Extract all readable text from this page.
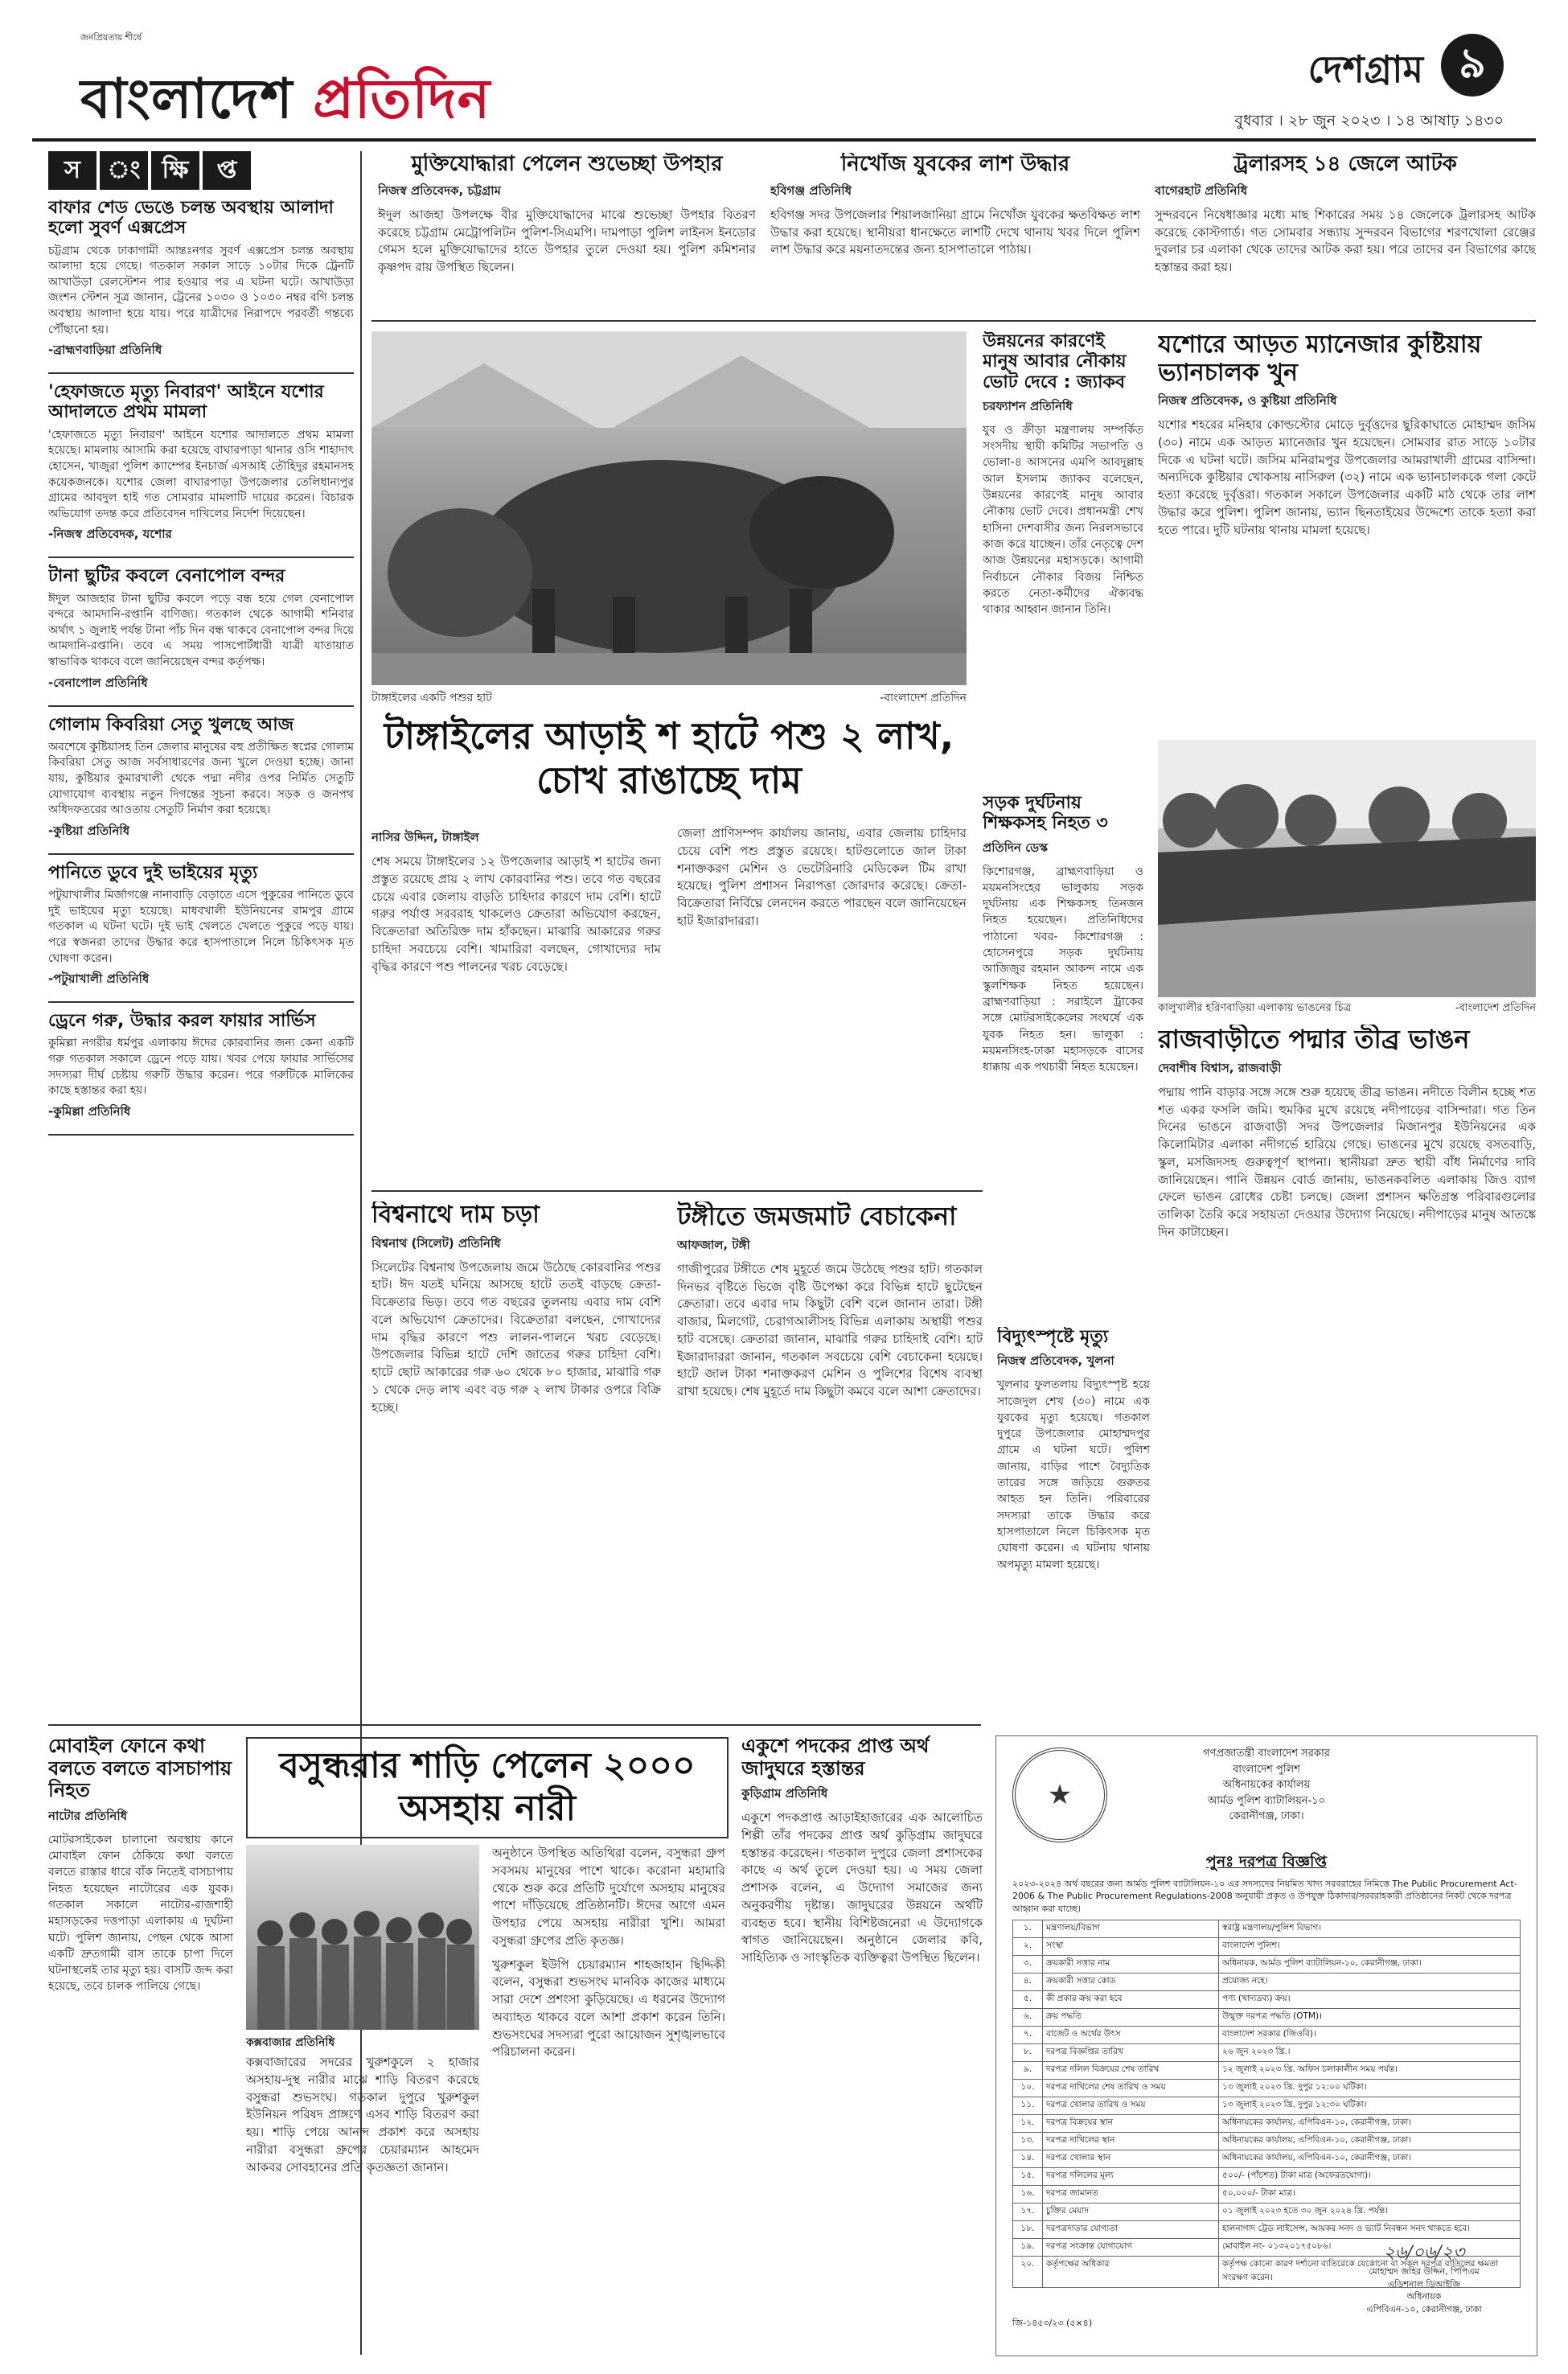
জনপ্রিয়তায় শীর্ষে
বাংলাদেশ প্রতিদিন	দেশগ্রাম ৯
বুধবার । ২৮ জুন ২০২৩ । ১৪ আষাঢ় ১৪৩০
স	ং ক্ষি	প্ত
বাফার শেড ভেঙে চলন্ত অবস্থায় আলাদা হলো সুবর্ণ এক্সপ্রেস
চট্টগ্রাম থেকে ঢাকাগামী আন্তঃনগর সুবর্ণ এক্সপ্রেস চলন্ত অবস্থায় আলাদা হয়ে গেছে। গতকাল সকাল সাড়ে ১০টার দিকে ট্রেনটি আখাউড়া রেলস্টেশন পার হওয়ার পর এ ঘটনা ঘটে। আখাউড়া জংশন স্টেশন সূত্র জানান, ট্রেনের ১০৩০ ও ১০৩০ নম্বর বগি চলন্ত অবস্থায় আলাদা হয়ে যায়। পরে যাত্রীদের নিরাপদে পরবর্তী গন্তব্যে পৌঁছানো হয়।
-ব্রাহ্মণবাড়িয়া প্রতিনিধি
'হেফাজতে মৃত্যু নিবারণ' আইনে যশোর আদালতে প্রথম মামলা
'হেফাজতে মৃত্যু নিবারণ' আইনে যশোর আদালতে প্রথম মামলা হয়েছে। মামলায় আসামি করা হয়েছে বাঘারপাড়া থানার ওসি শাহাদাৎ হোসেন, খাজুরা পুলিশ ক্যাম্পের ইনচার্জ এসআই তৌহিদুর রহমানসহ কয়েকজনকে। যশোর জেলা বাঘারপাড়া উপজেলার তেলিধান্যপুর গ্রামের আবদুল হাই গত সোমবার মামলাটি দায়ের করেন। বিচারক অভিযোগ তদন্ত করে প্রতিবেদন দাখিলের নির্দেশ দিয়েছেন।
-নিজস্ব প্রতিবেদক, যশোর
টানা ছুটির কবলে বেনাপোল বন্দর
ঈদুল আজহার টানা ছুটির কবলে পড়ে বন্ধ হয়ে গেল বেনাপোল বন্দরে আমদানি-রপ্তানি বাণিজ্য। গতকাল থেকে আগামী শনিবার অর্থাৎ ১ জুলাই পর্যন্ত টানা পাঁচ দিন বন্ধ থাকবে বেনাপোল বন্দর দিয়ে আমদানি-রপ্তানি। তবে এ সময় পাসপোর্টধারী যাত্রী যাতায়াত স্বাভাবিক থাকবে বলে জানিয়েছেন বন্দর কর্তৃপক্ষ।
-বেনাপোল প্রতিনিধি
গোলাম কিবরিয়া সেতু খুলছে আজ
অবশেষে কুষ্টিয়াসহ তিন জেলার মানুষের বহু প্রতীক্ষিত স্বপ্নের গোলাম কিবরিয়া সেতু আজ সর্বসাধারণের জন্য খুলে দেওয়া হচ্ছে। জানা যায়, কুষ্টিয়ার কুমারখালী থেকে পদ্মা নদীর ওপর নির্মিত সেতুটি যোগাযোগ ব্যবস্থায় নতুন দিগন্তের সূচনা করবে। সড়ক ও জনপথ অধিদফতরের আওতায় সেতুটি নির্মাণ করা হয়েছে।
-কুষ্টিয়া প্রতিনিধি
পানিতে ডুবে দুই ভাইয়ের মৃত্যু
পটুয়াখালীর মির্জাগঞ্জে নানাবাড়ি বেড়াতে এসে পুকুরের পানিতে ডুবে দুই ভাইয়ের মৃত্যু হয়েছে। মাধবখালী ইউনিয়নের রামপুর গ্রামে গতকাল এ ঘটনা ঘটে। দুই ভাই খেলতে খেলতে পুকুরে পড়ে যায়। পরে স্বজনরা তাদের উদ্ধার করে হাসপাতালে নিলে চিকিৎসক মৃত ঘোষণা করেন।
-পটুয়াখালী প্রতিনিধি
ড্রেনে গরু, উদ্ধার করল ফায়ার সার্ভিস
কুমিল্লা নগরীর ধর্মপুর এলাকায় ঈদের কোরবানির জন্য কেনা একটি গরু গতকাল সকালে ড্রেনে পড়ে যায়। খবর পেয়ে ফায়ার সার্ভিসের সদস্যরা দীর্ঘ চেষ্টায় গরুটি উদ্ধার করেন। পরে গরুটিকে মালিকের কাছে হস্তান্তর করা হয়।
-কুমিল্লা প্রতিনিধি
মুক্তিযোদ্ধারা পেলেন শুভেচ্ছা উপহার
নিজস্ব প্রতিবেদক, চট্টগ্রাম
ঈদুল আজহা উপলক্ষে বীর মুক্তিযোদ্ধাদের মাঝে শুভেচ্ছা উপহার বিতরণ করেছে চট্টগ্রাম মেট্রোপলিটন পুলিশ-সিএমপি। দামপাড়া পুলিশ লাইনস ইনডোর গেমস হলে মুক্তিযোদ্ধাদের হাতে উপহার তুলে দেওয়া হয়। পুলিশ কমিশনার কৃষ্ণপদ রায় উপস্থিত ছিলেন।
নিখোঁজ যুবকের লাশ উদ্ধার
হবিগঞ্জ প্রতিনিধি
হবিগঞ্জ সদর উপজেলার শিয়ালজানিয়া গ্রামে নিখোঁজ যুবকের ক্ষতবিক্ষত লাশ উদ্ধার করা হয়েছে। স্থানীয়রা ধানক্ষেতে লাশটি দেখে থানায় খবর দিলে পুলিশ লাশ উদ্ধার করে ময়নাতদন্তের জন্য হাসপাতালে পাঠায়।
ট্রলারসহ ১৪ জেলে আটক
বাগেরহাট প্রতিনিধি
সুন্দরবনে নিষেধাজ্ঞার মধ্যে মাছ শিকারের সময় ১৪ জেলেকে ট্রলারসহ আটক করেছে কোস্টগার্ড। গত সোমবার সন্ধ্যায় সুন্দরবন বিভাগের শরণখোলা রেঞ্জের দুবলার চর এলাকা থেকে তাদের আটক করা হয়। পরে তাদের বন বিভাগের কাছে হস্তান্তর করা হয়।
টাঙ্গাইলের একটি পশুর হাট	-বাংলাদেশ প্রতিদিন
টাঙ্গাইলের আড়াই শ হাটে পশু ২ লাখ, চোখ রাঙাচ্ছে দাম
নাসির উদ্দিন, টাঙ্গাইল
শেষ সময়ে টাঙ্গাইলের ১২ উপজেলার আড়াই শ হাটের জন্য প্রস্তুত রয়েছে প্রায় ২ লাখ কোরবানির পশু। তবে গত বছরের চেয়ে এবার জেলায় বাড়তি চাহিদার কারণে দাম বেশি। হাটে গরুর পর্যাপ্ত সরবরাহ থাকলেও ক্রেতারা অভিযোগ করছেন, বিক্রেতারা অতিরিক্ত দাম হাঁকছেন। মাঝারি আকারের গরুর চাহিদা সবচেয়ে বেশি। খামারিরা বলছেন, গোখাদ্যের দাম বৃদ্ধির কারণে পশু পালনের খরচ বেড়েছে।
জেলা প্রাণিসম্পদ কার্যালয় জানায়, এবার জেলায় চাহিদার চেয়ে বেশি পশু প্রস্তুত রয়েছে। হাটগুলোতে জাল টাকা শনাক্তকরণ মেশিন ও ভেটেরিনারি মেডিকেল টিম রাখা হয়েছে। পুলিশ প্রশাসন নিরাপত্তা জোরদার করেছে। ক্রেতা-বিক্রেতারা নির্বিঘ্নে লেনদেন করতে পারছেন বলে জানিয়েছেন হাট ইজারাদাররা।
উন্নয়নের কারণেই মানুষ আবার নৌকায় ভোট দেবে : জ্যাকব
চরফ্যাশন প্রতিনিধি
যুব ও ক্রীড়া মন্ত্রণালয় সম্পর্কিত সংসদীয় স্থায়ী কমিটির সভাপতি ও ভোলা-৪ আসনের এমপি আবদুল্লাহ আল ইসলাম জ্যাকব বলেছেন, উন্নয়নের কারণেই মানুষ আবার নৌকায় ভোট দেবে। প্রধানমন্ত্রী শেখ হাসিনা দেশবাসীর জন্য নিরলসভাবে কাজ করে যাচ্ছেন। তাঁর নেতৃত্বে দেশ আজ উন্নয়নের মহাসড়কে। আগামী নির্বাচনে নৌকার বিজয় নিশ্চিত করতে নেতা-কর্মীদের ঐক্যবদ্ধ থাকার আহ্বান জানান তিনি।
যশোরে আড়ত ম্যানেজার কুষ্টিয়ায় ভ্যানচালক খুন
নিজস্ব প্রতিবেদক, ও কুষ্টিয়া প্রতিনিধি
যশোর শহরের মনিহার কোল্ডস্টোর মোড়ে দুর্বৃত্তদের ছুরিকাঘাতে মোহাম্মদ জসিম (৩০) নামে এক আড়ত ম্যানেজার খুন হয়েছেন। সোমবার রাত সাড়ে ১০টার দিকে এ ঘটনা ঘটে। জসিম মনিরামপুর উপজেলার আমরাখালী গ্রামের বাসিন্দা। অন্যদিকে কুষ্টিয়ার খোকসায় নাসিরুল (৩২) নামে এক ভ্যানচালককে গলা কেটে হত্যা করেছে দুর্বৃত্তরা। গতকাল সকালে উপজেলার একটি মাঠ থেকে তার লাশ উদ্ধার করে পুলিশ। পুলিশ জানায়, ভ্যান ছিনতাইয়ের উদ্দেশ্যে তাকে হত্যা করা হতে পারে। দুটি ঘটনায় থানায় মামলা হয়েছে।
কালুখালীর হরিণবাড়িয়া এলাকায় ভাঙনের চিত্র	-বাংলাদেশ প্রতিদিন
সড়ক দুর্ঘটনায় শিক্ষকসহ নিহত ৩
প্রতিদিন ডেস্ক
কিশোরগঞ্জ, ব্রাহ্মণবাড়িয়া ও ময়মনসিংহের ভালুকায় সড়ক দুর্ঘটনায় এক শিক্ষকসহ তিনজন নিহত হয়েছেন। প্রতিনিধিদের পাঠানো খবর- কিশোরগঞ্জ : হোসেনপুরে সড়ক দুর্ঘটনায় আজিজুর রহমান আকন্দ নামে এক স্কুলশিক্ষক নিহত হয়েছেন। ব্রাহ্মণবাড়িয়া : সরাইলে ট্রাকের সঙ্গে মোটরসাইকেলের সংঘর্ষে এক যুবক নিহত হন। ভালুকা : ময়মনসিংহ-ঢাকা মহাসড়কে বাসের ধাক্কায় এক পথচারী নিহত হয়েছেন।
রাজবাড়ীতে পদ্মার তীব্র ভাঙন
দেবাশীষ বিশ্বাস, রাজবাড়ী
পদ্মায় পানি বাড়ার সঙ্গে সঙ্গে শুরু হয়েছে তীব্র ভাঙন। নদীতে বিলীন হচ্ছে শত শত একর ফসলি জমি। হুমকির মুখে রয়েছে নদীপাড়ের বাসিন্দারা। গত তিন দিনের ভাঙনে রাজবাড়ী সদর উপজেলার মিজানপুর ইউনিয়নের এক কিলোমিটার এলাকা নদীগর্ভে হারিয়ে গেছে। ভাঙনের মুখে রয়েছে বসতবাড়ি, স্কুল, মসজিদসহ গুরুত্বপূর্ণ স্থাপনা। স্থানীয়রা দ্রুত স্থায়ী বাঁধ নির্মাণের দাবি জানিয়েছেন। পানি উন্নয়ন বোর্ড জানায়, ভাঙনকবলিত এলাকায় জিও ব্যাগ ফেলে ভাঙন রোধের চেষ্টা চলছে। জেলা প্রশাসন ক্ষতিগ্রস্ত পরিবারগুলোর তালিকা তৈরি করে সহায়তা দেওয়ার উদ্যোগ নিয়েছে। নদীপাড়ের মানুষ আতঙ্কে দিন কাটাচ্ছেন।
বিশ্বনাথে দাম চড়া
বিশ্বনাথ (সিলেট) প্রতিনিধি
সিলেটের বিশ্বনাথ উপজেলায় জমে উঠেছে কোরবানির পশুর হাট। ঈদ যতই ঘনিয়ে আসছে হাটে ততই বাড়ছে ক্রেতা-বিক্রেতার ভিড়। তবে গত বছরের তুলনায় এবার দাম বেশি বলে অভিযোগ ক্রেতাদের। বিক্রেতারা বলছেন, গোখাদ্যের দাম বৃদ্ধির কারণে পশু লালন-পালনে খরচ বেড়েছে। উপজেলার বিভিন্ন হাটে দেশি জাতের গরুর চাহিদা বেশি। হাটে ছোট আকারের গরু ৬০ থেকে ৮০ হাজার, মাঝারি গরু ১ থেকে দেড় লাখ এবং বড় গরু ২ লাখ টাকার ওপরে বিক্রি হচ্ছে।
টঙ্গীতে জমজমাট বেচাকেনা
আফজাল, টঙ্গী
গাজীপুরের টঙ্গীতে শেষ মুহূর্তে জমে উঠেছে পশুর হাট। গতকাল দিনভর বৃষ্টিতে ভিজে বৃষ্টি উপেক্ষা করে বিভিন্ন হাটে ছুটেছেন ক্রেতারা। তবে এবার দাম কিছুটা বেশি বলে জানান তারা। টঙ্গী বাজার, মিলগেট, চেরাগআলীসহ বিভিন্ন এলাকায় অস্থায়ী পশুর হাট বসেছে। ক্রেতারা জানান, মাঝারি গরুর চাহিদাই বেশি। হাট ইজারাদাররা জানান, গতকাল সবচেয়ে বেশি বেচাকেনা হয়েছে। হাটে জাল টাকা শনাক্তকরণ মেশিন ও পুলিশের বিশেষ ব্যবস্থা রাখা হয়েছে। শেষ মুহূর্তে দাম কিছুটা কমবে বলে আশা ক্রেতাদের।
বিদ্যুৎস্পৃষ্টে মৃত্যু
নিজস্ব প্রতিবেদক, খুলনা
খুলনার ফুলতলায় বিদ্যুৎস্পৃষ্ট হয়ে সাজেদুল শেখ (৩০) নামে এক যুবকের মৃত্যু হয়েছে। গতকাল দুপুরে উপজেলার মোহাম্মদপুর গ্রামে এ ঘটনা ঘটে। পুলিশ জানায়, বাড়ির পাশে বৈদ্যুতিক তারের সঙ্গে জড়িয়ে গুরুতর আহত হন তিনি। পরিবারের সদস্যরা তাকে উদ্ধার করে হাসপাতালে নিলে চিকিৎসক মৃত ঘোষণা করেন। এ ঘটনায় থানায় অপমৃত্যু মামলা হয়েছে।
মোবাইল ফোনে কথা বলতে বলতে বাসচাপায় নিহত
নাটোর প্রতিনিধি
মোটরসাইকেল চালানো অবস্থায় কানে মোবাইল ফোন ঠেকিয়ে কথা বলতে বলতে রাস্তার ধারে বাঁক নিতেই বাসচাপায় নিহত হয়েছেন নাটোরের এক যুবক। গতকাল সকালে নাটোর-রাজশাহী মহাসড়কের দত্তপাড়া এলাকায় এ দুর্ঘটনা ঘটে। পুলিশ জানায়, পেছন থেকে আসা একটি দ্রুতগামী বাস তাকে চাপা দিলে ঘটনাস্থলেই তার মৃত্যু হয়। বাসটি জব্দ করা হয়েছে, তবে চালক পালিয়ে গেছে।
বসুন্ধরার শাড়ি পেলেন ২০০০ অসহায় নারী
কক্সবাজার প্রতিনিধি
কক্সবাজারের সদরের খুরুশকুলে ২ হাজার অসহায়-দুস্থ নারীর মাঝে শাড়ি বিতরণ করেছে বসুন্ধরা শুভসংঘ। গতকাল দুপুরে খুরুশকুল ইউনিয়ন পরিষদ প্রাঙ্গণে এসব শাড়ি বিতরণ করা হয়। শাড়ি পেয়ে আনন্দ প্রকাশ করে অসহায় নারীরা বসুন্ধরা গ্রুপের চেয়ারম্যান আহমেদ আকবর সোবহানের প্রতি কৃতজ্ঞতা জানান।
অনুষ্ঠানে উপস্থিত অতিথিরা বলেন, বসুন্ধরা গ্রুপ সবসময় মানুষের পাশে থাকে। করোনা মহামারি থেকে শুরু করে প্রতিটি দুর্যোগে অসহায় মানুষের পাশে দাঁড়িয়েছে প্রতিষ্ঠানটি। ঈদের আগে এমন উপহার পেয়ে অসহায় নারীরা খুশি। আমরা বসুন্ধরা গ্রুপের প্রতি কৃতজ্ঞ।
খুরুশকুল ইউপি চেয়ারম্যান শাহজাহান ছিদ্দিকী বলেন, বসুন্ধরা শুভসংঘ মানবিক কাজের মাধ্যমে সারা দেশে প্রশংসা কুড়িয়েছে। এ ধরনের উদ্যোগ অব্যাহত থাকবে বলে আশা প্রকাশ করেন তিনি। শুভসংঘের সদস্যরা পুরো আয়োজন সুশৃঙ্খলভাবে পরিচালনা করেন।
একুশে পদকের প্রাপ্ত অর্থ জাদুঘরে হস্তান্তর
কুড়িগ্রাম প্রতিনিধি
একুশে পদকপ্রাপ্ত আড়াইহাজারের এক আলোচিত শিল্পী তাঁর পদকের প্রাপ্ত অর্থ কুড়িগ্রাম জাদুঘরে হস্তান্তর করেছেন। গতকাল দুপুরে জেলা প্রশাসকের কাছে এ অর্থ তুলে দেওয়া হয়। এ সময় জেলা প্রশাসক বলেন, এ উদ্যোগ সমাজের জন্য অনুকরণীয় দৃষ্টান্ত। জাদুঘরের উন্নয়নে অর্থটি ব্যবহৃত হবে। স্থানীয় বিশিষ্টজনেরা এ উদ্যোগকে স্বাগত জানিয়েছেন। অনুষ্ঠানে জেলার কবি, সাহিত্যিক ও সাংস্কৃতিক ব্যক্তিত্বরা উপস্থিত ছিলেন।
★
গণপ্রজাতন্ত্রী বাংলাদেশ সরকার
বাংলাদেশ পুলিশ
অধিনায়কের কার্যালয়
আর্মড পুলিশ ব্যাটালিয়ন-১০
কেরানীগঞ্জ, ঢাকা।
পুনঃ দরপত্র বিজ্ঞপ্তি
২০২৩-২০২৪ অর্থ বছরের জন্য আর্মড পুলিশ ব্যাটালিয়ন-১০ এর সদস্যদের নিয়মিত খাদ্য সরবরাহের নিমিত্তে The Public Procurement Act-2006 & The Public Procurement Regulations-2008 অনুযায়ী প্রকৃত ও উপযুক্ত ঠিকাদার/সরবরাহকারী প্রতিষ্ঠানের নিকট থেকে দরপত্র আহ্বান করা যাচ্ছে।
১.	মন্ত্রণালয়/বিভাগ	স্বরাষ্ট্র মন্ত্রণালয়/পুলিশ বিভাগ।
২.	সংস্থা	বাংলাদেশ পুলিশ।
৩.	ক্রয়কারী সত্তার নাম	অধিনায়ক, আর্মড পুলিশ ব্যাটালিয়ন-১০, কেরানীগঞ্জ, ঢাকা।
৪.	ক্রয়কারী সত্তার কোড	প্রযোজ্য নহে।
৫.	কী প্রকার ক্রয় করা হবে	পণ্য (খাদ্যদ্রব্য) ক্রয়।
৬.	ক্রয় পদ্ধতি	উন্মুক্ত দরপত্র পদ্ধতি (OTM)।
৭.	বাজেট ও অর্থের উৎস	বাংলাদেশ সরকার (জিওবি)।
৮.	দরপত্র বিজ্ঞপ্তির তারিখ	২৬ জুন ২০২৩ খ্রি.।
৯.	দরপত্র দলিল বিক্রয়ের শেষ তারিখ	১২ জুলাই ২০২৩ খ্রি. অফিস চলাকালীন সময় পর্যন্ত।
১০.	দরপত্র দাখিলের শেষ তারিখ ও সময়	১৩ জুলাই ২০২৩ খ্রি. দুপুর ১২:০০ ঘটিকা।
১১.	দরপত্র খোলার তারিখ ও সময়	১৩ জুলাই ২০২৩ খ্রি. দুপুর ১২:৩০ ঘটিকা।
১২.	দরপত্র বিক্রয়ের স্থান	অধিনায়কের কার্যালয়, এপিবিএন-১০, কেরানীগঞ্জ, ঢাকা।
১৩.	দরপত্র দাখিলের স্থান	অধিনায়কের কার্যালয়, এপিবিএন-১০, কেরানীগঞ্জ, ঢাকা।
১৪.	দরপত্র খোলার স্থান	অধিনায়কের কার্যালয়, এপিবিএন-১০, কেরানীগঞ্জ, ঢাকা।
১৫.	দরপত্র দলিলের মূল্য	৫০০/- (পাঁচশত) টাকা মাত্র (অফেরতযোগ্য)।
১৬.	দরপত্র জামানত	৫০,০০০/- টাকা মাত্র।
১৭.	চুক্তির মেয়াদ	০১ জুলাই ২০২৩ হতে ৩০ জুন ২০২৪ খ্রি. পর্যন্ত।
১৮.	দরপত্রদাতার যোগ্যতা	হালনাগাদ ট্রেড লাইসেন্স, আয়কর সনদ ও ভ্যাট নিবন্ধন সনদ থাকতে হবে।
১৯.	দরপত্র সংক্রান্ত যোগাযোগ	মোবাইল নং- ০১৩২০১৭৫০৮৬।
২০.	কর্তৃপক্ষের অধিকার	কর্তৃপক্ষ কোনো কারণ দর্শানো ব্যতিরেকে যেকোনো বা সকল দরপত্র বাতিলের ক্ষমতা সংরক্ষণ করেন।
২৬/০৬/২৩
মোহাম্মদ জহির উদ্দিন, পিপিএম
এডিশনাল ডিআইজি
অধিনায়ক
এপিবিএন-১০, কেরানীগঞ্জ, ঢাকা
জি-১৪৫৩/২৩ (৫×৪)
